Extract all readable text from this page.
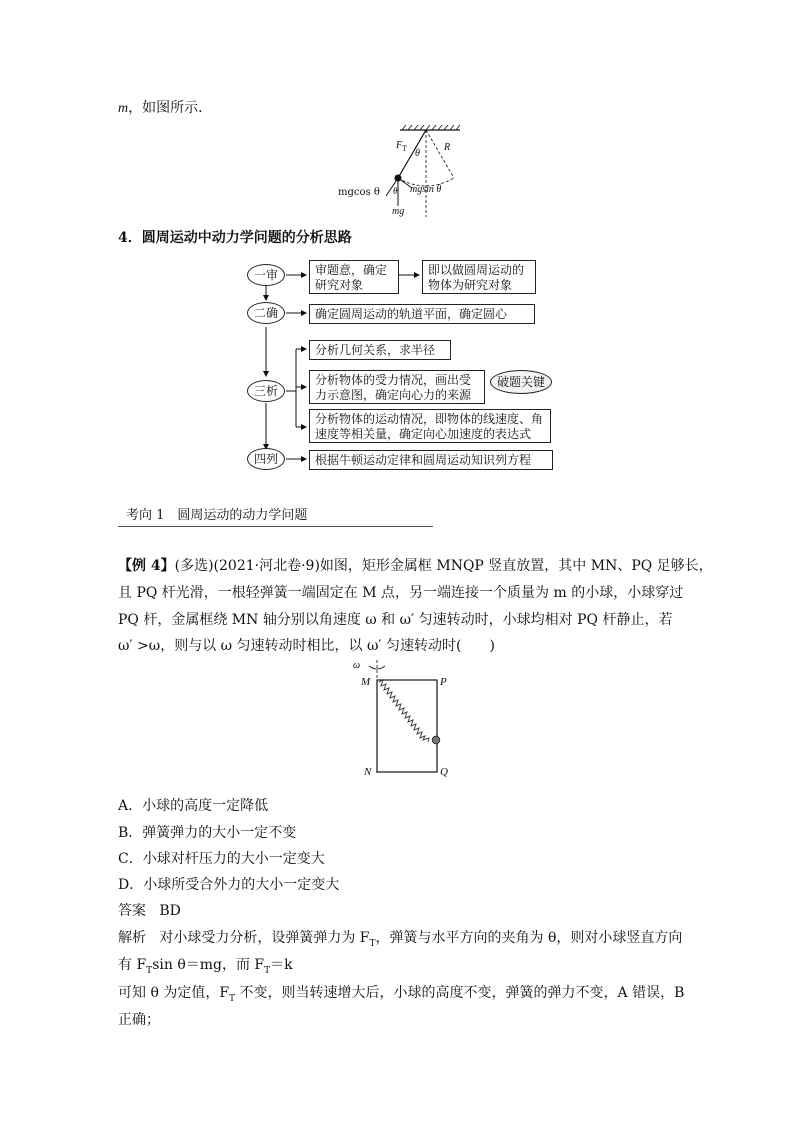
m，如图所示.
$F_T$ θ
R
mgcos θ θ mgsin θ
mg
4．圆周运动中动力学问题的分析思路
一审	审题意，确定研究对象
即以做圆周运动的物体为研究对象
二确	确定圆周运动的轨道平面，确定圆心
分析几何关系，求半径
三析
分析物体的受力情况，画出受力示意图，确定向心力的来源
破题关键
分析物体的运动情况，即物体的线速度、角速度等相关量，确定向心加速度的表达式
四列	根据牛顿运动定律和圆周运动知识列方程
考向 1　圆周运动的动力学问题
【例 4】(多选)(2021·河北卷·9)如图，矩形金属框 MNQP 竖直放置，其中 MN、PQ 足够长，
且 PQ 杆光滑，一根轻弹簧一端固定在 M 点，另一端连接一个质量为 m 的小球，小球穿过
PQ 杆，金属框绕 MN 轴分别以角速度 ω 和 ω′ 匀速转动时，小球均相对 PQ 杆静止，若
ω′ >ω，则与以 ω 匀速转动时相比，以 ω′ 匀速转动时(　　)
ω
M	P
N	Q
A．小球的高度一定降低
B．弹簧弹力的大小一定不变
C．小球对杆压力的大小一定变大
D．小球所受合外力的大小一定变大
答案 BD
解析 对小球受力分析，设弹簧弹力为 $F_T$，弹簧与水平方向的夹角为 θ，则对小球竖直方向
有 $F_T\sin$ θ＝mg，而 $F_T=k$
可知 θ 为定值，$F_T$ 不变，则当转速增大后，小球的高度不变，弹簧的弹力不变，A 错误，B
正确；
